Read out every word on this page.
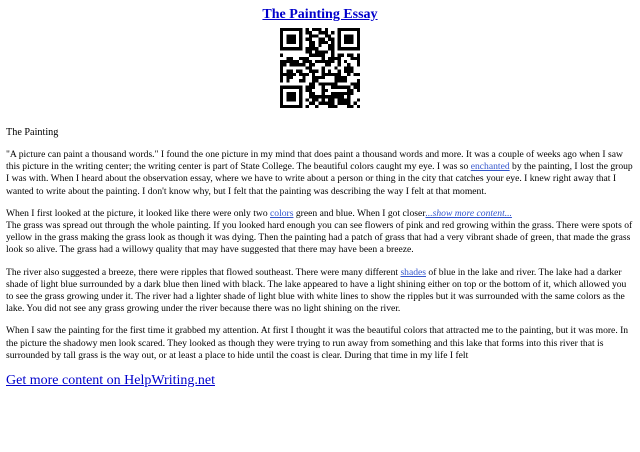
The Painting Essay
The Painting

"A picture can paint a thousand words." I found the one picture in my mind that does paint a thousand words and more. It was a couple of weeks ago when I saw this picture in the writing center; the writing center is part of State College. The beautiful colors caught my eye. I was so enchanted by the painting, I lost the group I was with. When I heard about the observation essay, where we have to write about a person or thing in the city that catches your eye. I knew right away that I wanted to write about the painting. I don't know why, but I felt that the painting was describing the way I felt at that moment.

When I first looked at the picture, it looked like there were only two colors green and blue. When I got closer...show more content...

The grass was spread out through the whole painting. If you looked hard enough you can see flowers of pink and red growing within the grass. There were spots of yellow in the grass making the grass look as though it was dying. Then the painting had a patch of grass that had a very vibrant shade of green, that made the grass look so alive. The grass had a willowy quality that may have suggested that there may have been a breeze.

The river also suggested a breeze, there were ripples that flowed southeast. There were many different shades of blue in the lake and river. The lake had a darker shade of light blue surrounded by a dark blue then lined with black. The lake appeared to have a light shining either on top or the bottom of it, which allowed you to see the grass growing under it. The river had a lighter shade of light blue with white lines to show the ripples but it was surrounded with the same colors as the lake. You did not see any grass growing under the river because there was no light shining on the river.

When I saw the painting for the first time it grabbed my attention. At first I thought it was the beautiful colors that attracted me to the painting, but it was more. In the picture the shadowy men look scared. They looked as though they were trying to run away from something and this lake that forms into this river that is surrounded by tall grass is the way out, or at least a place to hide until the coast is clear. During that time in my life I felt

Get more content on HelpWriting.net
